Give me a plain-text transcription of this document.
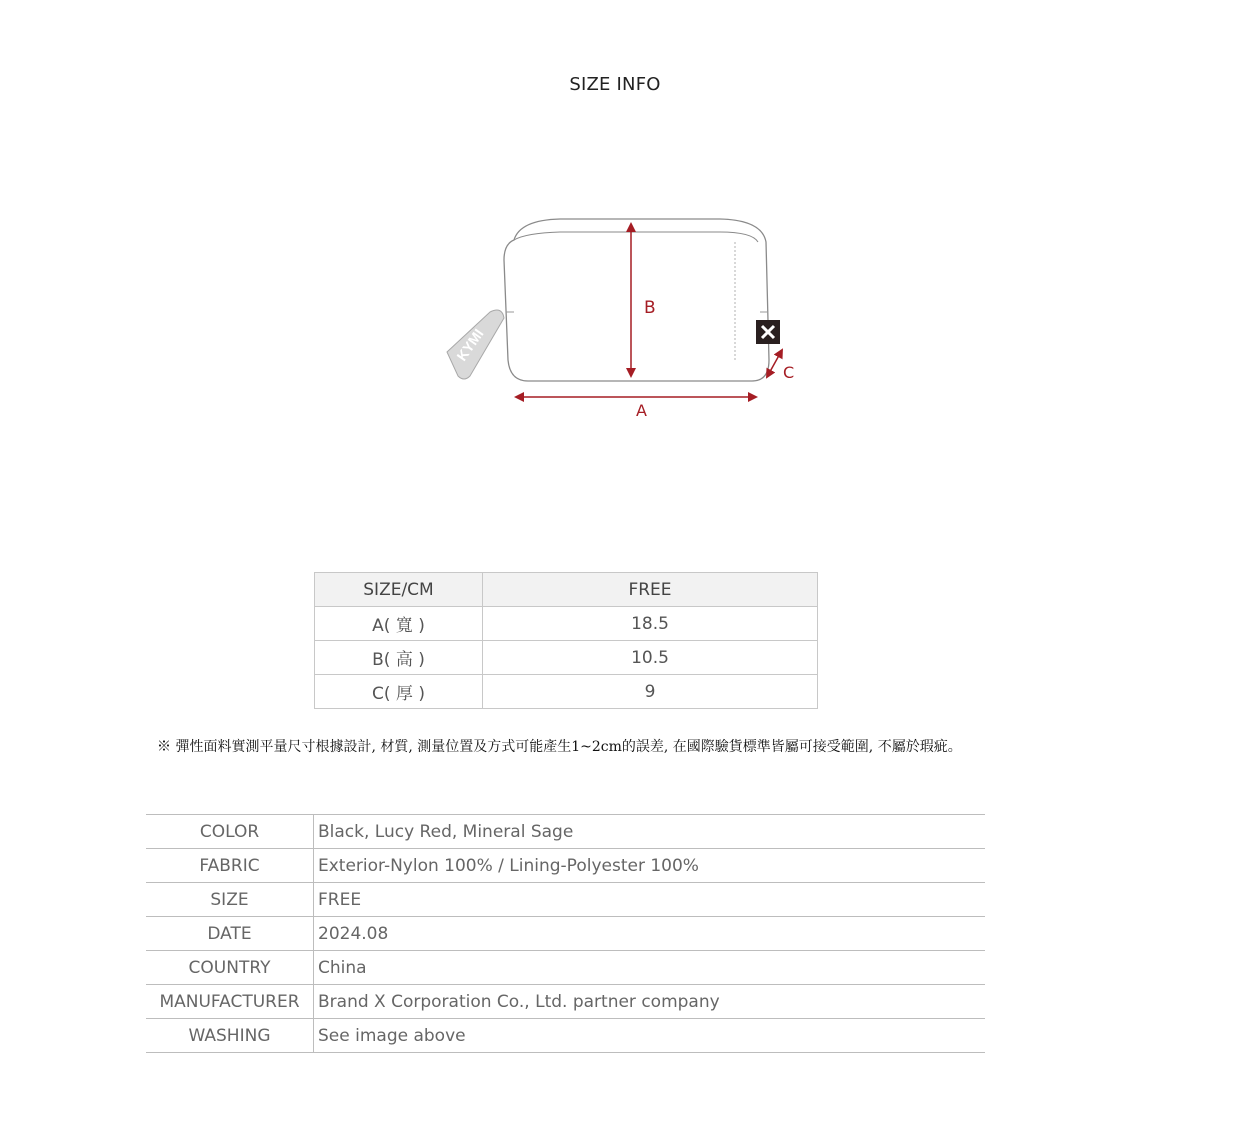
SIZE INFO
KYMI
B
A
C
SIZE/CM	FREE
A( 寬 )	18.5
B( 高 )	10.5
C( 厚 )	9
※ 彈性面料實測平量尺寸根據設計, 材質, 測量位置及方式可能產生1~2cm的誤差, 在國際驗貨標準皆屬可接受範圍, 不屬於瑕疵。
COLOR	Black, Lucy Red, Mineral Sage
FABRIC	Exterior-Nylon 100% / Lining-Polyester 100%
SIZE	FREE
DATE	2024.08
COUNTRY	China
MANUFACTURER	Brand X Corporation Co., Ltd. partner company
WASHING	See image above
